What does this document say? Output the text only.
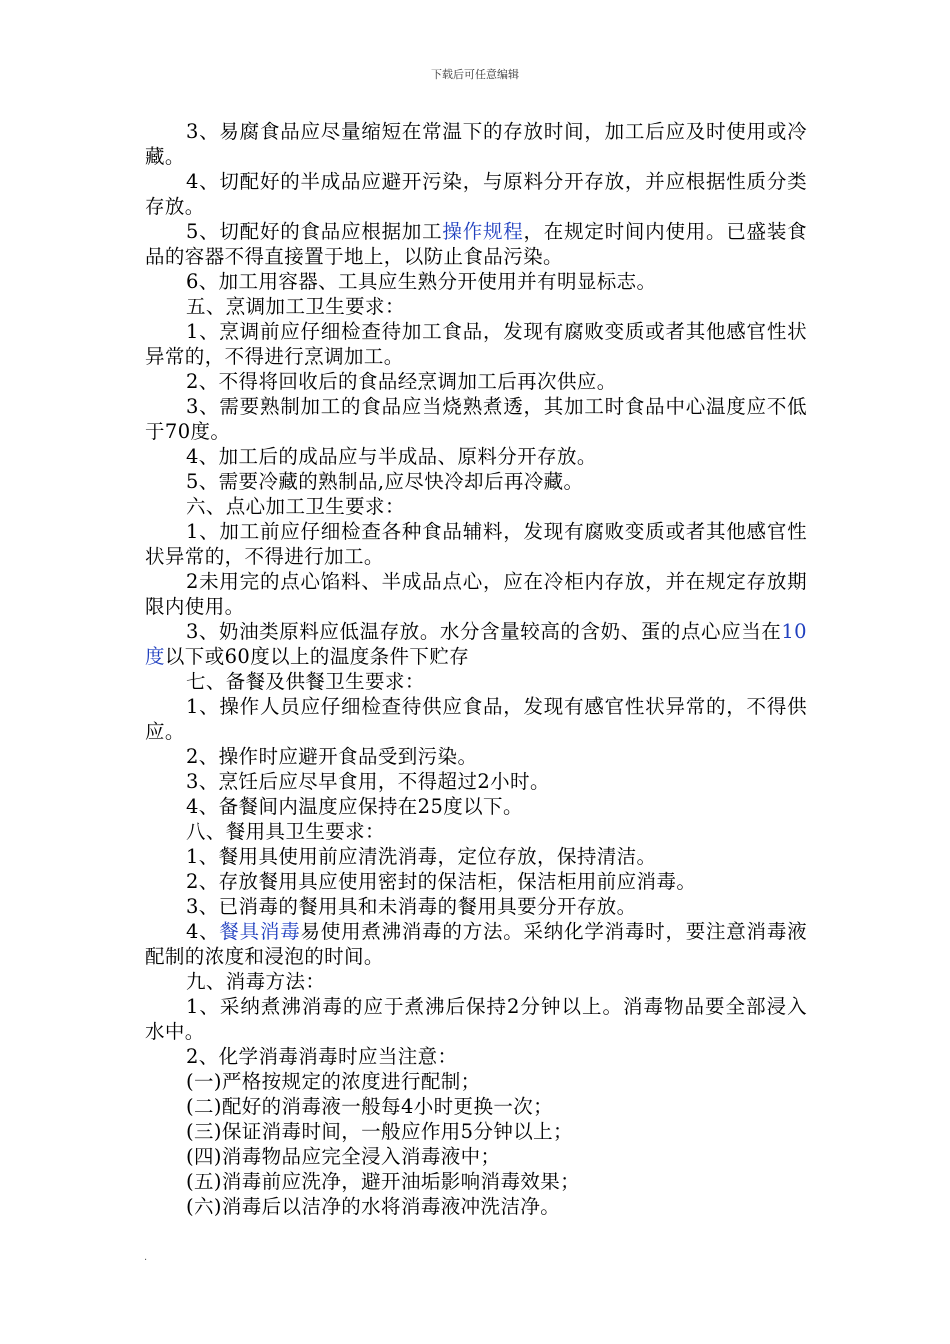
下载后可任意编辑

3、易腐食品应尽量缩短在常温下的存放时间，加工后应及时使用或冷藏。

4、切配好的半成品应避开污染，与原料分开存放，并应根据性质分类存放。

5、切配好的食品应根据加工操作规程，在规定时间内使用。已盛装食品的容器不得直接置于地上，以防止食品污染。

6、加工用容器、工具应生熟分开使用并有明显标志。

五、烹调加工卫生要求：

1、烹调前应仔细检查待加工食品，发现有腐败变质或者其他感官性状异常的，不得进行烹调加工。

2、不得将回收后的食品经烹调加工后再次供应。

3、需要熟制加工的食品应当烧熟煮透，其加工时食品中心温度应不低 于70度。

4、加工后的成品应与半成品、原料分开存放。

5、需要冷藏的熟制品,应尽快冷却后再冷藏。

六、点心加工卫生要求：

1、加工前应仔细检查各种食品辅料，发现有腐败变质或者其他感官性状异常的，不得进行加工。

2未用完的点心馅料、半成品点心，应在冷柜内存放，并在规定存放期限内使用。

3、奶油类原料应低温存放。水分含量较高的含奶、蛋的点心应当在10度以下或60度以上的温度条件下贮存

七、备餐及供餐卫生要求：

1、操作人员应仔细检查待供应食品，发现有感官性状异常的，不得供应。

2、操作时应避开食品受到污染。

3、烹饪后应尽早食用，不得超过2小时。

4、备餐间内温度应保持在25度以下。

八、餐用具卫生要求：

1、餐用具使用前应清洗消毒，定位存放，保持清洁。

2、存放餐用具应使用密封的保洁柜，保洁柜用前应消毒。

3、已消毒的餐用具和未消毒的餐用具要分开存放。

4、餐具消毒易使用煮沸消毒的方法。采纳化学消毒时，要注意消毒液配制的浓度和浸泡的时间。

九、消毒方法：

1、采纳煮沸消毒的应于煮沸后保持2分钟以上。消毒物品要全部浸入水中。

2、化学消毒消毒时应当注意：

(一)严格按规定的浓度进行配制；

(二)配好的消毒液一般每4小时更换一次；

(三)保证消毒时间，一般应作用5分钟以上；

(四)消毒物品应完全浸入消毒液中；

(五)消毒前应洗净，避开油垢影响消毒效果；

(六)消毒后以洁净的水将消毒液冲洗洁净。

.
